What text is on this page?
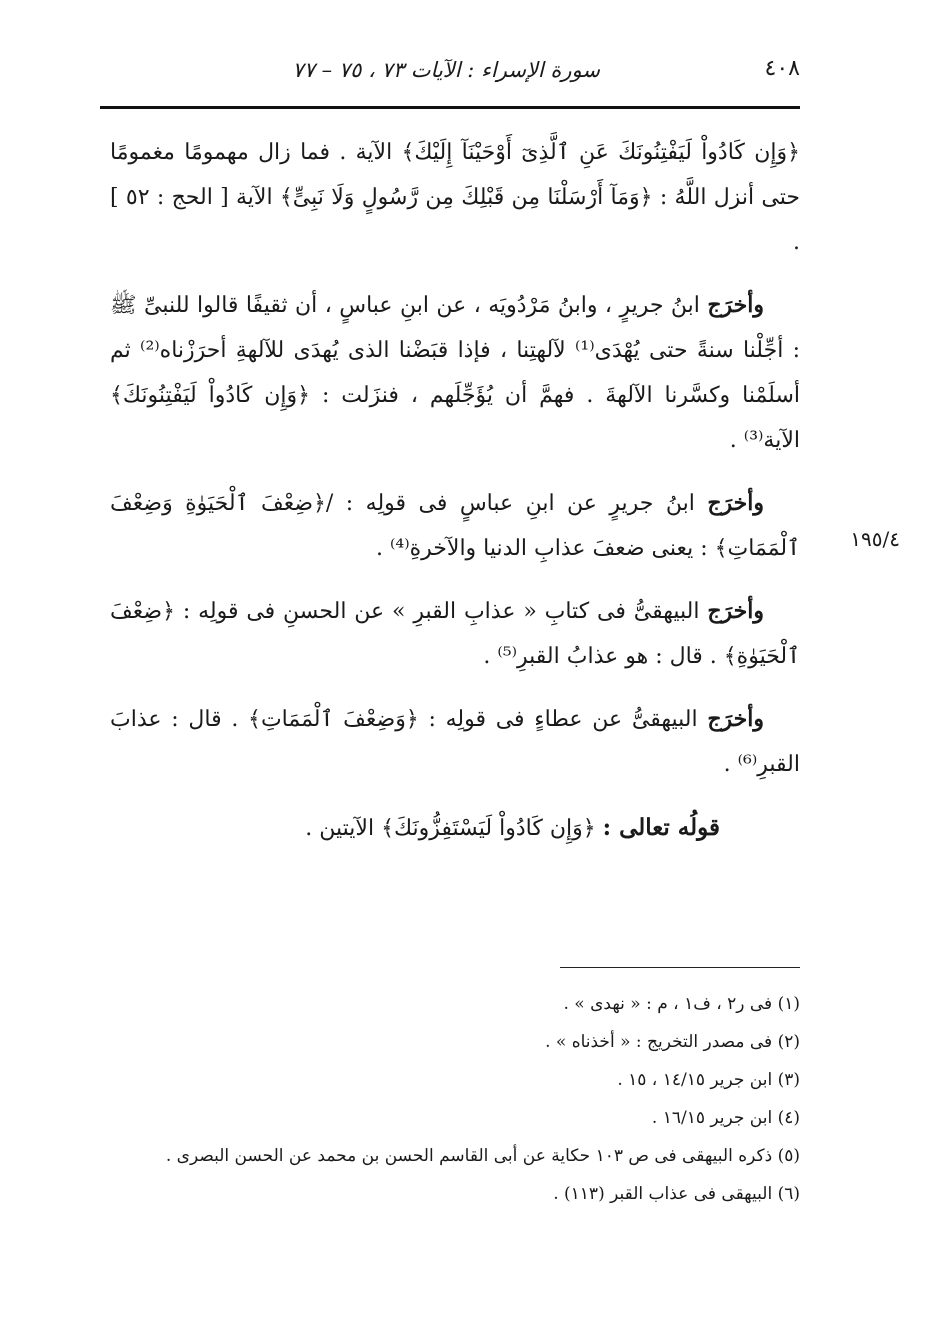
٤٠٨
سورة الإسراء : الآيات ٧٣ ، ٧٥ – ٧٧
١٩٥/٤

﴿وَإِن كَادُواْ لَيَفْتِنُونَكَ عَنِ ٱلَّذِىٓ أَوْحَيْنَآ إِلَيْكَ﴾ الآية . فما زال مهمومًا مغمومًا حتى أنزل اللَّهُ : ﴿وَمَآ أَرْسَلْنَا مِن قَبْلِكَ مِن رَّسُولٍ وَلَا نَبِىٍّ﴾ الآية [ الحج : ٥٢ ] .

وأخرَج ابنُ جريرٍ ، وابنُ مَرْدُويَه ، عن ابنِ عباسٍ ، أن ثقيفًا قالوا للنبىِّ ﷺ : أجِّلْنا سنةً حتى يُهْدَى⁽¹⁾ لآلهتِنا ، فإذا قبَضْنا الذى يُهدَى للآلهةِ أحرَزْناه⁽²⁾ ثم أسلَمْنا وكسَّرنا الآلهةَ . فهمَّ أن يُؤَجِّلَهم ، فنزَلت : ﴿وَإِن كَادُواْ لَيَفْتِنُونَكَ﴾ الآية⁽³⁾ .

وأخرَج ابنُ جريرٍ عن ابنِ عباسٍ فى قولِه : /﴿ضِعْفَ ٱلْحَيَوٰةِ وَضِعْفَ ٱلْمَمَاتِ﴾ : يعنى ضعفَ عذابِ الدنيا والآخرةِ⁽⁴⁾ .

وأخرَج البيهقىُّ فى كتابِ « عذابِ القبرِ » عن الحسنِ فى قولِه : ﴿ضِعْفَ ٱلْحَيَوٰةِ﴾ . قال : هو عذابُ القبرِ⁽⁵⁾ .

وأخرَج البيهقىُّ عن عطاءٍ فى قولِه : ﴿وَضِعْفَ ٱلْمَمَاتِ﴾ . قال : عذابَ القبرِ⁽⁶⁾ .

قولُه تعالى : ﴿وَإِن كَادُواْ لَيَسْتَفِزُّونَكَ﴾ الآيتين .

(١) فى ر٢ ، ف١ ، م : « نهدى » .
(٢) فى مصدر التخريج : « أخذناه » .
(٣) ابن جرير ١٤/١٥ ، ١٥ .
(٤) ابن جرير ١٦/١٥ .
(٥) ذكره البيهقى فى ص ١٠٣ حكاية عن أبى القاسم الحسن بن محمد عن الحسن البصرى .
(٦) البيهقى فى عذاب القبر (١١٣) .
